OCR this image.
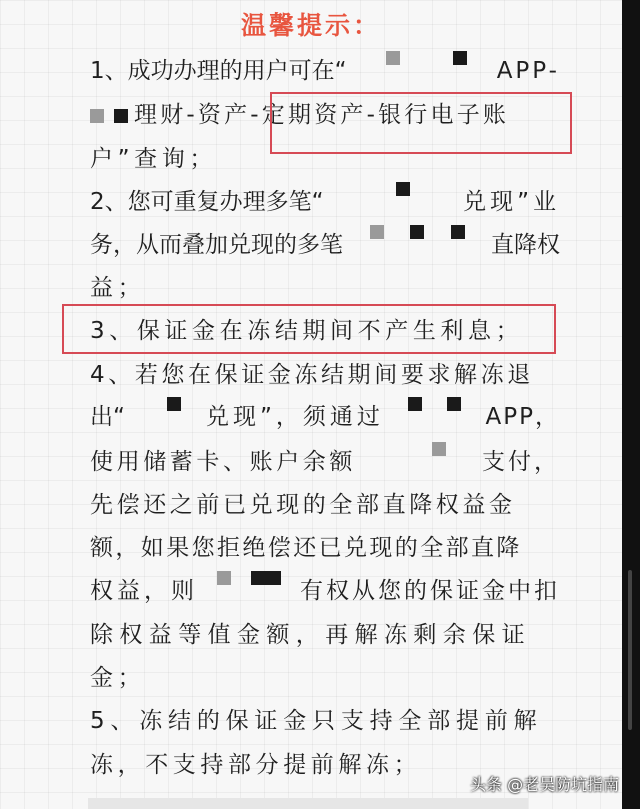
温馨提示：
1、成功办理的用户可在“	APP-
理财-资产-定期资产-银行电子账
户”查询；
2、您可重复办理多笔“	兑现”业
务，从而叠加兑现的多笔	直降权
益；
3、保证金在冻结期间不产生利息；
4、若您在保证金冻结期间要求解冻退
出“	兑现”，须通过	APP，
使用储蓄卡、账户余额	支付，
先偿还之前已兑现的全部直降权益金
额，如果您拒绝偿还已兑现的全部直降
权益，则	有权从您的保证金中扣
除权益等值金额，再解冻剩余保证
金；
5、冻结的保证金只支持全部提前解
冻，不支持部分提前解冻；
头条 @老吴防坑指南
